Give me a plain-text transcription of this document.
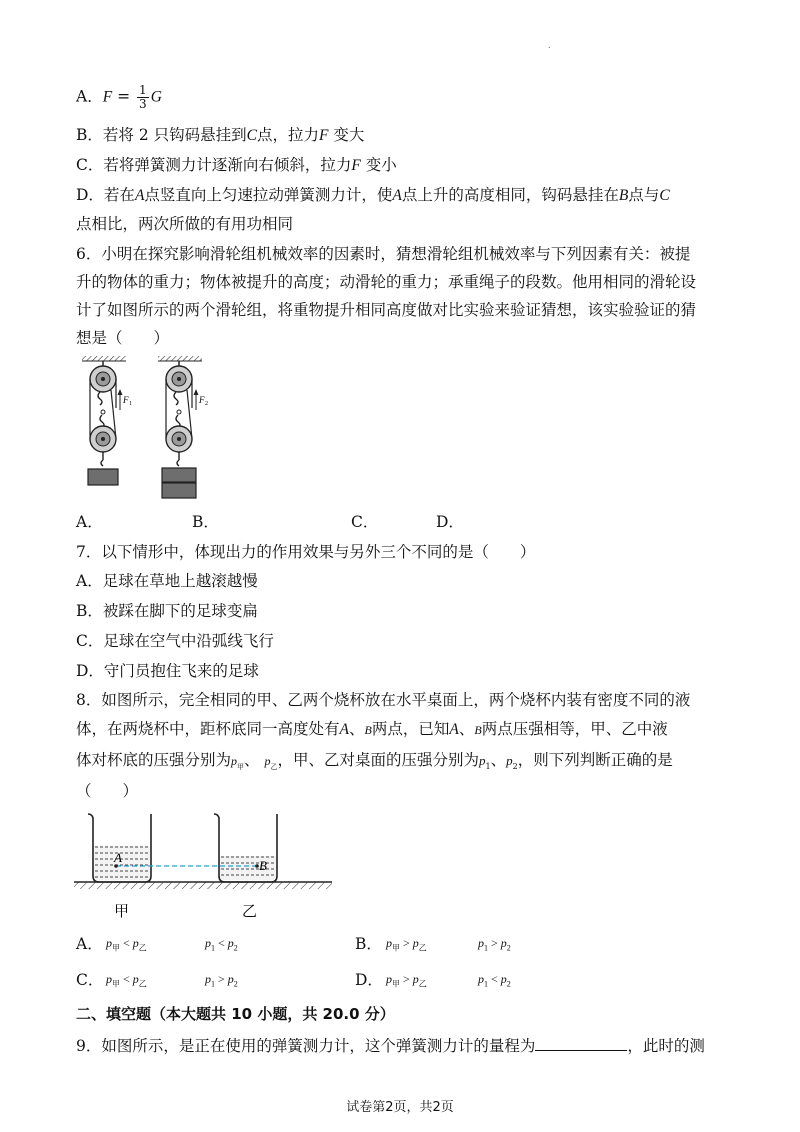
.
A．$F = \frac{1}{3}$ G
B．若将 2 只钩码悬挂到C点，拉力F 变大
C．若将弹簧测力计逐渐向右倾斜，拉力F 变小
D．若在A点竖直向上匀速拉动弹簧测力计，使A点上升的高度相同，钩码悬挂在B点与C
点相比，两次所做的有用功相同
6．小明在探究影响滑轮组机械效率的因素时，猜想滑轮组机械效率与下列因素有关：被提
升的物体的重力；物体被提升的高度；动滑轮的重力；承重绳子的段数。他用相同的滑轮设
计了如图所示的两个滑轮组，将重物提升相同高度做对比实验来验证猜想，该实验验证的猜
想是（　　）
F 1	F 2
A．	B．	C．	D．
7．以下情形中，体现出力的作用效果与另外三个不同的是（　　）
A．足球在草地上越滚越慢
B．被踩在脚下的足球变扁
C．足球在空气中沿弧线飞行
D．守门员抱住飞来的足球
8．如图所示，完全相同的甲、乙两个烧杯放在水平桌面上，两个烧杯内装有密度不同的液
体，在两烧杯中，距杯底同一高度处有A、B两点，已知A、B两点压强相等，甲、乙中液
体对杯底的压强分别为$p_甲$、 $p_乙$，甲、乙对桌面的压强分别为$p_1$、$p_2$，则下列判断正确的是
（　　）
A
B
甲	乙
A． $p_甲 < p_乙$	$p_1 < p_2$	B． $p_甲 > p_乙$	$p_1 > p_2$
C． $p_甲 < p_乙$	$p_1 > p_2$	D． $p_甲 > p_乙$	$p_1 < p_2$
二、填空题（本大题共 10 小题，共 20.0 分）
9．如图所示，是正在使用的弹簧测力计，这个弹簧测力计的量程为	，此时的测
试卷第2页，共2页
